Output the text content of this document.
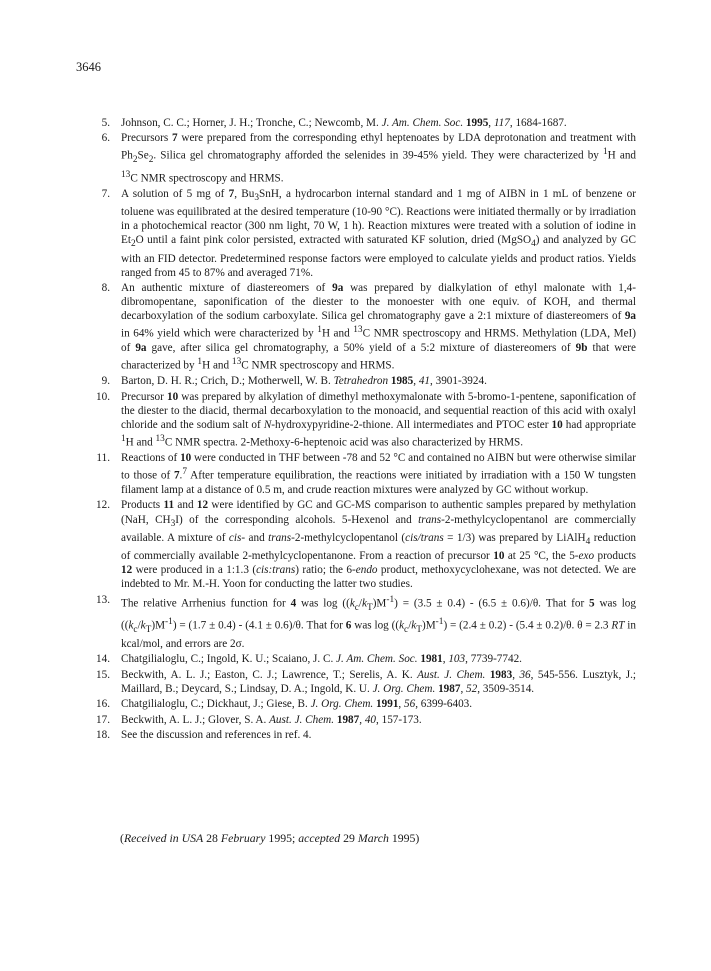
3646
5. Johnson, C. C.; Horner, J. H.; Tronche, C.; Newcomb, M. J. Am. Chem. Soc. 1995, 117, 1684-1687.
6. Precursors 7 were prepared from the corresponding ethyl heptenoates by LDA deprotonation and treatment with $Ph_2Se_2$. Silica gel chromatography afforded the selenides in 39-45% yield. They were characterized by $^1$H and $^{13}$C NMR spectroscopy and HRMS.
7. A solution of 5 mg of 7, $Bu_3SnH$, a hydrocarbon internal standard and 1 mg of AIBN in 1 mL of benzene or toluene was equilibrated at the desired temperature (10-90 °C). Reactions were initiated thermally or by irradiation in a photochemical reactor (300 nm light, 70 W, 1 h). Reaction mixtures were treated with a solution of iodine in $Et_2O$ until a faint pink color persisted, extracted with saturated KF solution, dried (MgSO$_4$) and analyzed by GC with an FID detector. Predetermined response factors were employed to calculate yields and product ratios. Yields ranged from 45 to 87% and averaged 71%.
8. An authentic mixture of diastereomers of 9a was prepared by dialkylation of ethyl malonate with 1,4-dibromopentane, saponification of the diester to the monoester with one equiv. of KOH, and thermal decarboxylation of the sodium carboxylate. Silica gel chromatography gave a 2:1 mixture of diastereomers of 9a in 64% yield which were characterized by $^1$H and $^{13}$C NMR spectroscopy and HRMS. Methylation (LDA, MeI) of 9a gave, after silica gel chromatography, a 50% yield of a 5:2 mixture of diastereomers of 9b that were characterized by $^1$H and $^{13}$C NMR spectroscopy and HRMS.
9. Barton, D. H. R.; Crich, D.; Motherwell, W. B. Tetrahedron 1985, 41, 3901-3924.
10. Precursor 10 was prepared by alkylation of dimethyl methoxymalonate with 5-bromo-1-pentene, saponification of the diester to the diacid, thermal decarboxylation to the monoacid, and sequential reaction of this acid with oxalyl chloride and the sodium salt of N-hydroxypyridine-2-thione. All intermediates and PTOC ester 10 had appropriate $^1$H and $^{13}$C NMR spectra. 2-Methoxy-6-heptenoic acid was also characterized by HRMS.
11. Reactions of 10 were conducted in THF between -78 and 52 °C and contained no AIBN but were otherwise similar to those of 7.$^7$ After temperature equilibration, the reactions were initiated by irradiation with a 150 W tungsten filament lamp at a distance of 0.5 m, and crude reaction mixtures were analyzed by GC without workup.
12. Products 11 and 12 were identified by GC and GC-MS comparison to authentic samples prepared by methylation (NaH, $CH_3I$) of the corresponding alcohols. 5-Hexenol and trans-2-methylcyclopentanol are commercially available. A mixture of cis- and trans-2-methylcyclopentanol (cis/trans = 1/3) was prepared by LiAlH$_4$ reduction of commercially available 2-methylcyclopentanone. From a reaction of precursor 10 at 25 °C, the 5-exo products 12 were produced in a 1:1.3 (cis:trans) ratio; the 6-endo product, methoxycyclohexane, was not detected. We are indebted to Mr. M.-H. Yoon for conducting the latter two studies.
13. The relative Arrhenius function for 4 was $\log ((k_c/k_T)M^{-1}) = (3.5 \pm 0.4) - (6.5 \pm 0.6)/\theta$. That for 5 was $\log ((k_c/k_T)M^{-1}) = (1.7 \pm 0.4) - (4.1 \pm 0.6)/\theta$. That for 6 was $\log ((k_c/k_T)M^{-1}) = (2.4 \pm 0.2) - (5.4 \pm 0.2)/\theta$. θ = 2.3 RT in kcal/mol, and errors are 2σ.
14. Chatgilialoglu, C.; Ingold, K. U.; Scaiano, J. C. J. Am. Chem. Soc. 1981, 103, 7739-7742.
15. Beckwith, A. L. J.; Easton, C. J.; Lawrence, T.; Serelis, A. K. Aust. J. Chem. 1983, 36, 545-556. Lusztyk, J.; Maillard, B.; Deycard, S.; Lindsay, D. A.; Ingold, K. U. J. Org. Chem. 1987, 52, 3509-3514.
16. Chatgilialoglu, C.; Dickhaut, J.; Giese, B. J. Org. Chem. 1991, 56, 6399-6403.
17. Beckwith, A. L. J.; Glover, S. A. Aust. J. Chem. 1987, 40, 157-173.
18. See the discussion and references in ref. 4.
(Received in USA 28 February 1995; accepted 29 March 1995)
